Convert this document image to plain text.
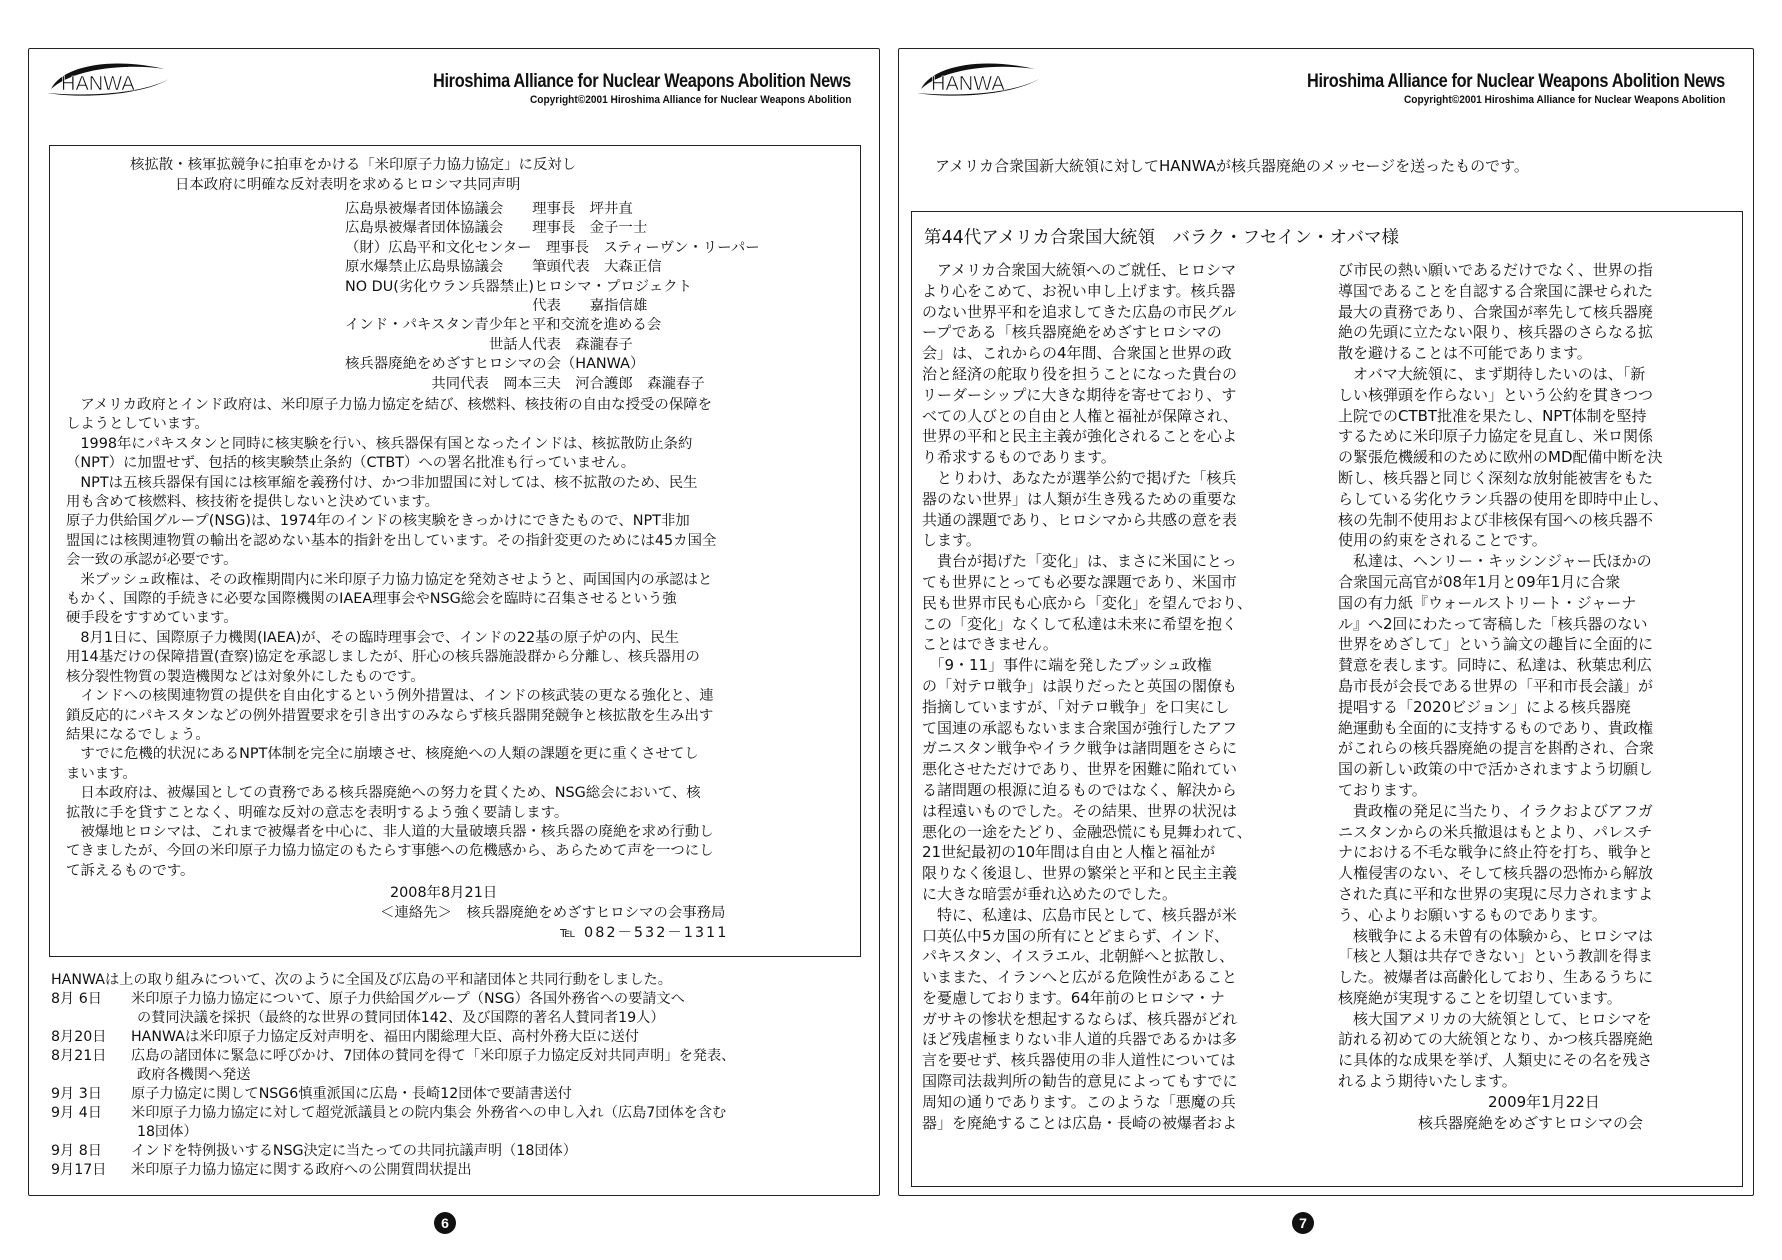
HANWA	Hiroshima Alliance for Nuclear Weapons Abolition News
Copyright©2001 Hiroshima Alliance for Nuclear Weapons Abolition
核拡散・核軍拡競争に拍車をかける「米印原子力協力協定」に反対し
日本政府に明確な反対表明を求めるヒロシマ共同声明
広島県被爆者団体協議会　　理事長　坪井直
広島県被爆者団体協議会　　理事長　金子一士
（財）広島平和文化センター　理事長　スティーヴン・リーパー
原水爆禁止広島県協議会　　筆頭代表　大森正信
NO DU(劣化ウラン兵器禁止)ヒロシマ・プロジェクト
　　　　　　　　　　　　　代表　　嘉指信雄
インド・パキスタン青少年と平和交流を進める会
　　　　　　　　　　世話人代表　森瀧春子
核兵器廃絶をめざすヒロシマの会（HANWA）
　　　　　　共同代表　岡本三夫　河合護郎　森瀧春子
　アメリカ政府とインド政府は、米印原子力協力協定を結び、核燃料、核技術の自由な授受の保障を
しようとしています。
　1998年にパキスタンと同時に核実験を行い、核兵器保有国となったインドは、核拡散防止条約
（NPT）に加盟せず、包括的核実験禁止条約（CTBT）への署名批准も行っていません。
　NPTは五核兵器保有国には核軍縮を義務付け、かつ非加盟国に対しては、核不拡散のため、民生
用も含めて核燃料、核技術を提供しないと決めています。
原子力供給国グループ(NSG)は、1974年のインドの核実験をきっかけにできたもので、NPT非加
盟国には核関連物質の輸出を認めない基本的指針を出しています。その指針変更のためには45カ国全
会一致の承認が必要です。
　米ブッシュ政権は、その政権期間内に米印原子力協力協定を発効させようと、両国国内の承認はと
もかく、国際的手続きに必要な国際機関のIAEA理事会やNSG総会を臨時に召集させるという強
硬手段をすすめています。
　8月1日に、国際原子力機関(IAEA)が、その臨時理事会で、インドの22基の原子炉の内、民生
用14基だけの保障措置(査察)協定を承認しましたが、肝心の核兵器施設群から分離し、核兵器用の
核分裂性物質の製造機関などは対象外にしたものです。
　インドへの核関連物質の提供を自由化するという例外措置は、インドの核武装の更なる強化と、連
鎖反応的にパキスタンなどの例外措置要求を引き出すのみならず核兵器開発競争と核拡散を生み出す
結果になるでしょう。
　すでに危機的状況にあるNPT体制を完全に崩壊させ、核廃絶への人類の課題を更に重くさせてし
まいます。
　日本政府は、被爆国としての責務である核兵器廃絶への努力を貫くため、NSG総会において、核
拡散に手を貸すことなく、明確な反対の意志を表明するよう強く要請します。
　被爆地ヒロシマは、これまで被爆者を中心に、非人道的大量破壊兵器・核兵器の廃絶を求め行動し
てきましたが、今回の米印原子力協力協定のもたらす事態への危機感から、あらためて声を一つにし
て訴えるものです。
2008年8月21日
＜連絡先＞　核兵器廃絶をめざすヒロシマの会事務局
℡ 082－532－1311
HANWAは上の取り組みについて、次のように全国及び広島の平和諸団体と共同行動をしました。
8月 6日	米印原子力協力協定について、原子力供給国グループ（NSG）各国外務省への要請文へ
の賛同決議を採択（最終的な世界の賛同団体142、及び国際的著名人賛同者19人）
8月20日	HANWAは米印原子力協定反対声明を、福田内閣総理大臣、高村外務大臣に送付
8月21日	広島の諸団体に緊急に呼びかけ、7団体の賛同を得て「米印原子力協定反対共同声明」を発表、
政府各機関へ発送
9月 3日	原子力協定に関してNSG6慎重派国に広島・長崎12団体で要請書送付
9月 4日	米印原子力協力協定に対して超党派議員との院内集会 外務省への申し入れ（広島7団体を含む
18団体）
9月 8日	インドを特例扱いするNSG決定に当たっての共同抗議声明（18団体）
9月17日	米印原子力協力協定に関する政府への公開質問状提出
6
HANWA	Hiroshima Alliance for Nuclear Weapons Abolition News
Copyright©2001 Hiroshima Alliance for Nuclear Weapons Abolition
アメリカ合衆国新大統領に対してHANWAが核兵器廃絶のメッセージを送ったものです。
第44代アメリカ合衆国大統領　バラク・フセイン・オバマ様
　アメリカ合衆国大統領へのご就任、ヒロシマ
より心をこめて、お祝い申し上げます。核兵器
のない世界平和を追求してきた広島の市民グル
ープである「核兵器廃絶をめざすヒロシマの
会」は、これからの4年間、合衆国と世界の政
治と経済の舵取り役を担うことになった貴台の
リーダーシップに大きな期待を寄せており、す
べての人びとの自由と人権と福祉が保障され、
世界の平和と民主主義が強化されることを心よ
り希求するものであります。
　とりわけ、あなたが選挙公約で掲げた「核兵
器のない世界」は人類が生き残るための重要な
共通の課題であり、ヒロシマから共感の意を表
します。
　貴台が掲げた「変化」は、まさに米国にとっ
ても世界にとっても必要な課題であり、米国市
民も世界市民も心底から「変化」を望んでおり、
この「変化」なくして私達は未来に希望を抱く
ことはできません。
　「9・11」事件に端を発したブッシュ政権
の「対テロ戦争」は誤りだったと英国の閣僚も
指摘していますが、「対テロ戦争」を口実にし
て国連の承認もないまま合衆国が強行したアフ
ガニスタン戦争やイラク戦争は諸問題をさらに
悪化させただけであり、世界を困難に陥れてい
る諸問題の根源に迫るものではなく、解決から
は程遠いものでした。その結果、世界の状況は
悪化の一途をたどり、金融恐慌にも見舞われて、
21世紀最初の10年間は自由と人権と福祉が
限りなく後退し、世界の繁栄と平和と民主主義
に大きな暗雲が垂れ込めたのでした。
　特に、私達は、広島市民として、核兵器が米
口英仏中5カ国の所有にとどまらず、インド、
パキスタン、イスラエル、北朝鮮へと拡散し、
いままた、イランへと広がる危険性があること
を憂慮しております。64年前のヒロシマ・ナ
ガサキの惨状を想起するならば、核兵器がどれ
ほど残虐極まりない非人道的兵器であるかは多
言を要せず、核兵器使用の非人道性については
国際司法裁判所の勧告的意見によってもすでに
周知の通りであります。このような「悪魔の兵
器」を廃絶することは広島・長崎の被爆者およ
び市民の熱い願いであるだけでなく、世界の指
導国であることを自認する合衆国に課せられた
最大の責務であり、合衆国が率先して核兵器廃
絶の先頭に立たない限り、核兵器のさらなる拡
散を避けることは不可能であります。
　オバマ大統領に、まず期待したいのは、「新
しい核弾頭を作らない」という公約を貫きつつ
上院でのCTBT批准を果たし、NPT体制を堅持
するために米印原子力協定を見直し、米ロ関係
の緊張危機緩和のために欧州のMD配備中断を決
断し、核兵器と同じく深刻な放射能被害をもた
らしている劣化ウラン兵器の使用を即時中止し、
核の先制不使用および非核保有国への核兵器不
使用の約束をされることです。
　私達は、ヘンリー・キッシンジャー氏ほかの
合衆国元高官が08年1月と09年1月に合衆
国の有力紙『ウォールストリート・ジャーナ
ル』へ2回にわたって寄稿した「核兵器のない
世界をめざして」という論文の趣旨に全面的に
賛意を表します。同時に、私達は、秋葉忠利広
島市長が会長である世界の「平和市長会議」が
提唱する「2020ビジョン」による核兵器廃
絶運動も全面的に支持するものであり、貴政権
がこれらの核兵器廃絶の提言を斟酌され、合衆
国の新しい政策の中で活かされますよう切願し
ております。
　貴政権の発足に当たり、イラクおよびアフガ
ニスタンからの米兵撤退はもとより、パレスチ
ナにおける不毛な戦争に終止符を打ち、戦争と
人権侵害のない、そして核兵器の恐怖から解放
された真に平和な世界の実現に尽力されますよ
う、心よりお願いするものであります。
　核戦争による未曾有の体験から、ヒロシマは
「核と人類は共存できない」という教訓を得ま
した。被爆者は高齢化しており、生あるうちに
核廃絶が実現することを切望しています。
　核大国アメリカの大統領として、ヒロシマを
訪れる初めての大統領となり、かつ核兵器廃絶
に具体的な成果を挙げ、人類史にその名を残さ
れるよう期待いたします。
2009年1月22日
核兵器廃絶をめざすヒロシマの会
7
